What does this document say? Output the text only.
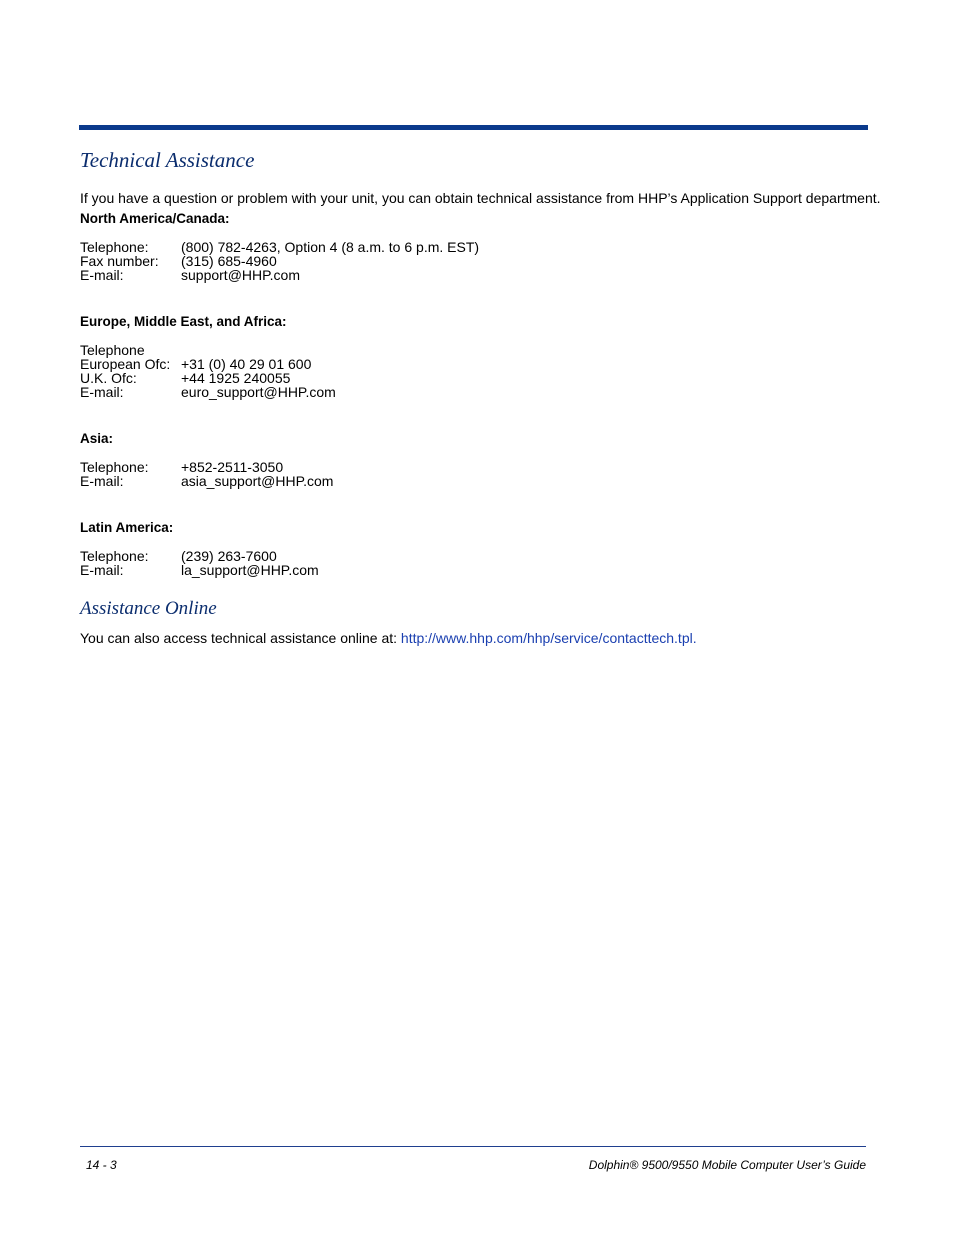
Technical Assistance

If you have a question or problem with your unit, you can obtain technical assistance from HHP’s Application Support department.

North America/Canada:

Telephone:	(800) 782-4263, Option 4 (8 a.m. to 6 p.m. EST)
Fax number:	(315) 685-4960
E-mail:	support@HHP.com

Europe, Middle East, and Africa:

Telephone
European Ofc: +31 (0) 40 29 01 600
U.K. Ofc:	+44 1925 240055
E-mail:	euro_support@HHP.com

Asia:

Telephone:	+852-2511-3050
E-mail:	asia_support@HHP.com

Latin America:

Telephone:	(239) 263-7600
E-mail:	la_support@HHP.com
Assistance Online

You can also access technical assistance online at: http://www.hhp.com/hhp/service/contacttech.tpl.

14 - 3	Dolphin® 9500/9550 Mobile Computer User’s Guide
